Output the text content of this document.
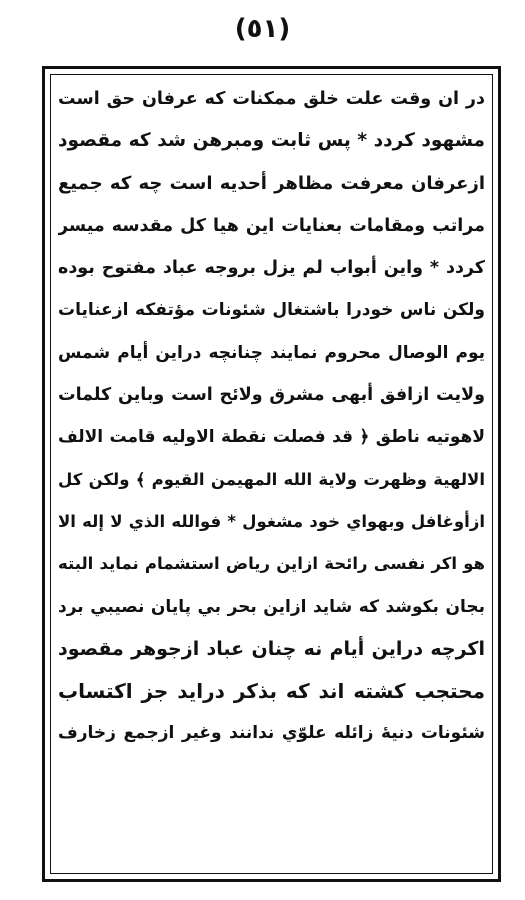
(٥١)
در ان وقت علت خلق ممكنات كه عرفان حق است
مشهود كردد * پس ثابت ومبرهن شد كه مقصود
ازعرفان معرفت مظاهر أحديه است چه كه جميع
مراتب ومقامات بعنايات اين هيا كل مقدسه ميسر
كردد * واين أبواب لم يزل بروجه عباد مفتوح بوده
ولكن ناس خودرا باشتغال شئونات مؤتفكه ازعنايات
يوم الوصال محروم نمايند چنانچه دراين أيام شمس
ولايت ازافق أبهى مشرق ولائح است وباين كلمات
لاهوتيه ناطق ﴿ قد فصلت نقطة الاوليه قامت الالف
الالهية وظهرت ولاية الله المهيمن القيوم ﴾ ولكن كل
ازأوغافل وبهواي خود مشغول * فوالله الذي لا إله الا
هو اكر نفسى رائحة ازاين رياض استشمام نمايد البته
بجان بكوشد كه شايد ازاين بحر بي پايان نصيبي برد
اكرچه دراين أيام نه چنان عباد ازجوهر مقصود
محتجب كشته اند كه بذكر درايد جز اكتساب
شئونات دنيهٔ زائله علوّي ندانند وغير ازجمع زخارف
